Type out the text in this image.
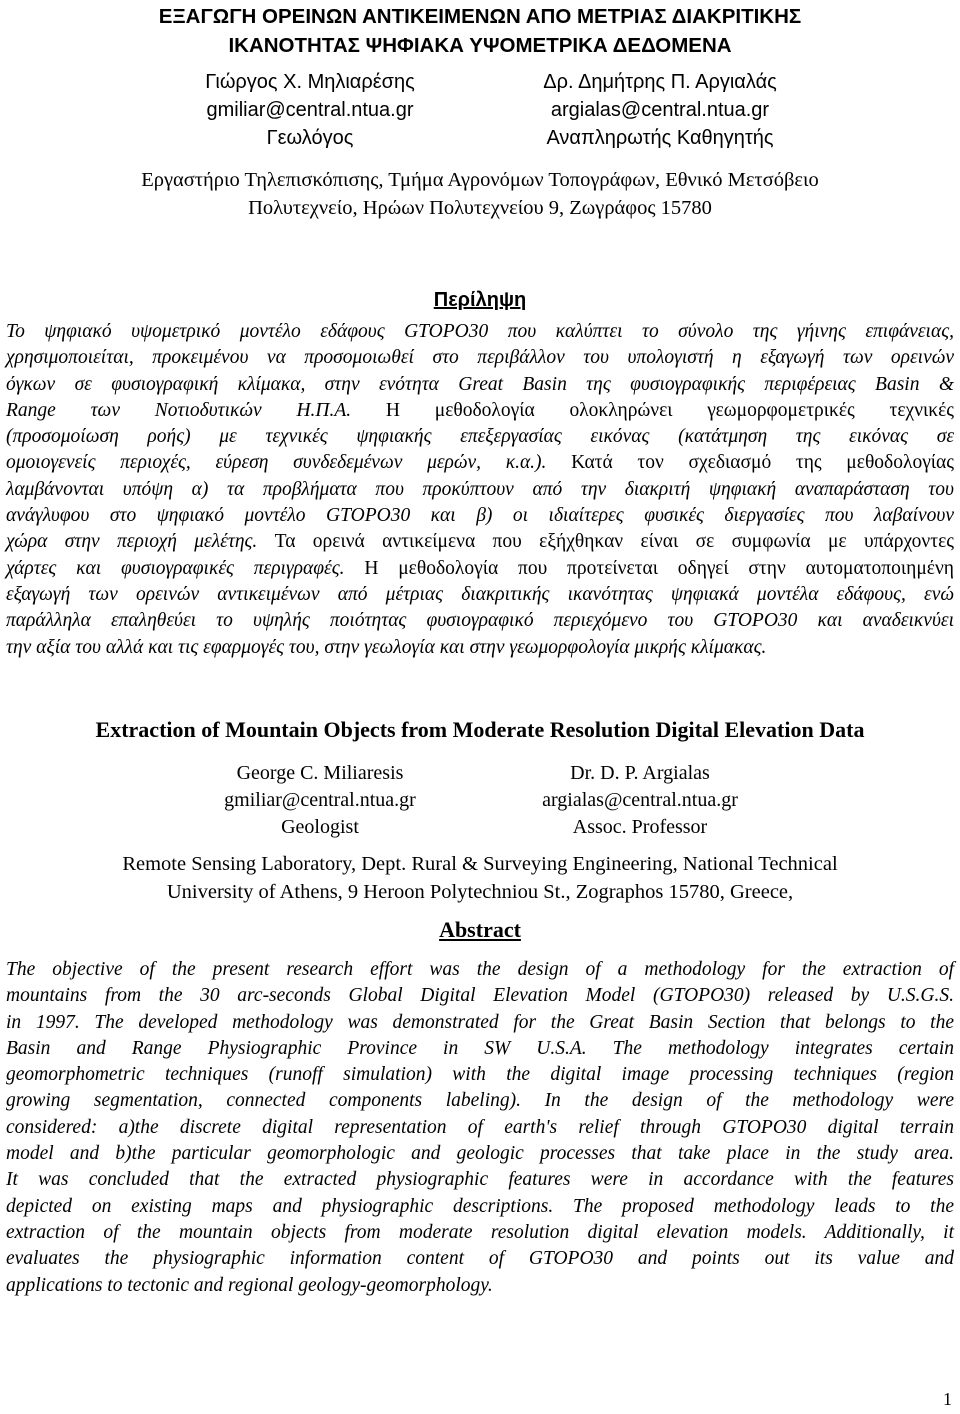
ΕΞΑΓΩΓΗ ΟΡΕΙΝΩΝ ΑΝΤΙΚΕΙΜΕΝΩΝ ΑΠΟ ΜΕΤΡΙΑΣ ΔΙΑΚΡΙΤΙΚΗΣ
ΙΚΑΝΟΤΗΤΑΣ ΨΗΦΙΑΚΑ ΥΨΟΜΕΤΡΙΚΑ ΔΕΔΟΜΕΝΑ
Γιώργος Χ. Μηλιαρέσης
gmiliar@central.ntua.gr
Γεωλόγος
Δρ. Δημήτρης Π. Αργιαλάς
argialas@central.ntua.gr
Αναπληρωτής Καθηγητής
Εργαστήριο Τηλεπισκόπισης, Τμήμα Αγρονόμων Τοπογράφων, Εθνικό Μετσόβειο
Πολυτεχνείο, Ηρώων Πολυτεχνείου 9, Ζωγράφος 15780
Περίληψη
Το ψηφιακό υψομετρικό μοντέλο εδάφους GTOPO30 που καλύπτει το σύνολο της γήινης επιφάνειας,
χρησιμοποιείται, προκειμένου να προσομοιωθεί στο περιβάλλον του υπολογιστή η εξαγωγή των ορεινών
όγκων σε φυσιογραφική κλίμακα, στην ενότητα Great Basin της φυσιογραφικής περιφέρειας Basin &
Range των Νοτιοδυτικών Η.Π.Α. Η μεθοδολογία ολοκληρώνει γεωμορφομετρικές τεχνικές
(προσομοίωση ροής) με τεχνικές ψηφιακής επεξεργασίας εικόνας (κατάτμηση της εικόνας σε
ομοιογενείς περιοχές, εύρεση συνδεδεμένων μερών, κ.α.). Κατά τον σχεδιασμό της μεθοδολογίας
λαμβάνονται υπόψη α) τα προβλήματα που προκύπτουν από την διακριτή ψηφιακή αναπαράσταση του
ανάγλυφου στο ψηφιακό μοντέλο GTOPO30 και β) οι ιδιαίτερες φυσικές διεργασίες που λαβαίνουν
χώρα στην περιοχή μελέτης. Τα ορεινά αντικείμενα που εξήχθηκαν είναι σε συμφωνία με υπάρχοντες
χάρτες και φυσιογραφικές περιγραφές. Η μεθοδολογία που προτείνεται οδηγεί στην αυτοματοποιημένη
εξαγωγή των ορεινών αντικειμένων από μέτριας διακριτικής ικανότητας ψηφιακά μοντέλα εδάφους, ενώ
παράλληλα επαληθεύει το υψηλής ποιότητας φυσιογραφικό περιεχόμενο του GTOPO30 και αναδεικνύει
την αξία του αλλά και τις εφαρμογές του, στην γεωλογία και στην γεωμορφολογία μικρής κλίμακας.
Extraction of Mountain Objects from Moderate Resolution Digital Elevation Data
George C. Miliaresis
gmiliar@central.ntua.gr
Geologist
Dr. D. P. Argialas
argialas@central.ntua.gr
Assoc. Professor
Remote Sensing Laboratory, Dept. Rural & Surveying Engineering, National Technical
University of Athens, 9 Heroon Polytechniou St., Zographos 15780, Greece,
Abstract
The objective of the present research effort was the design of a methodology for the extraction of
mountains from the 30 arc-seconds Global Digital Elevation Model (GTOPO30) released by U.S.G.S.
in 1997. The developed methodology was demonstrated for the Great Basin Section that belongs to the
Basin and Range Physiographic Province in SW U.S.A. The methodology integrates certain
geomorphometric techniques (runoff simulation) with the digital image processing techniques (region
growing segmentation, connected components labeling). In the design of the methodology were
considered: a)the discrete digital representation of earth's relief through GTOPO30 digital terrain
model and b)the particular geomorphologic and geologic processes that take place in the study area.
It was concluded that the extracted physiographic features were in accordance with the features
depicted on existing maps and physiographic descriptions. The proposed methodology leads to the
extraction of the mountain objects from moderate resolution digital elevation models. Additionally, it
evaluates the physiographic information content of GTOPO30 and points out its value and
applications to tectonic and regional geology-geomorphology.
1
